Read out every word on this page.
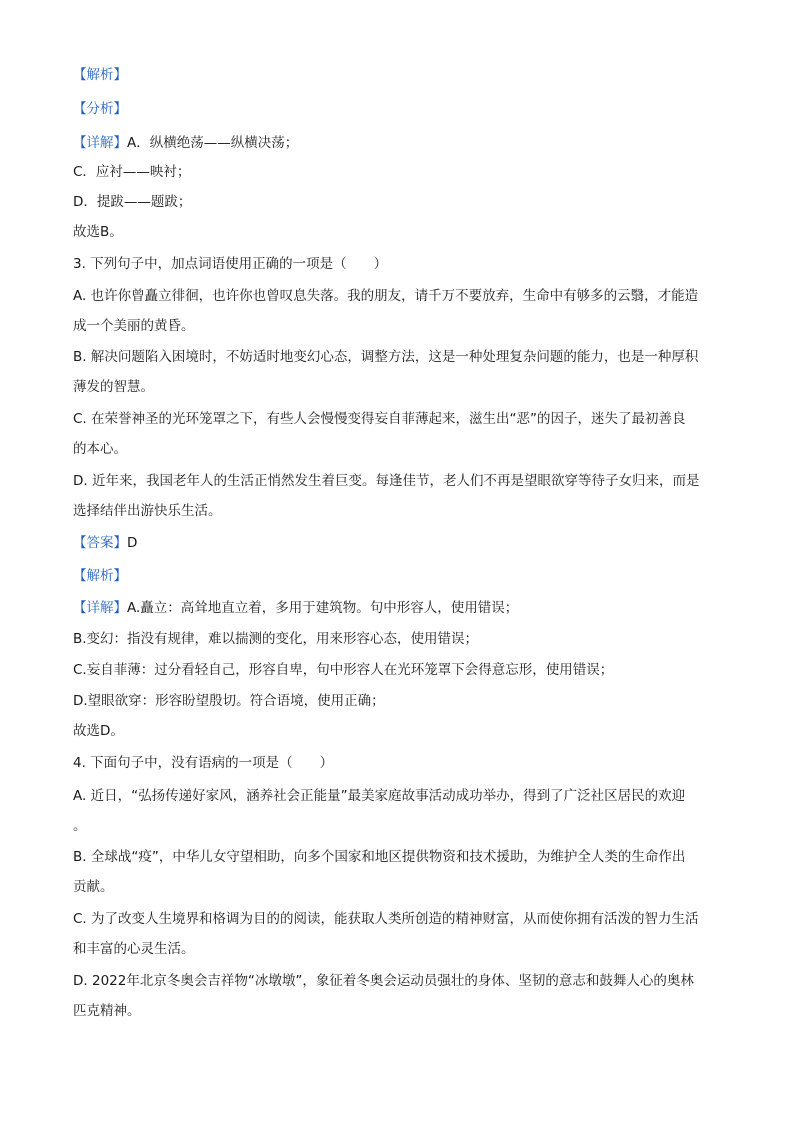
【解析】
【分析】
【详解】A．纵横绝荡——纵横决荡；
C．应衬——映衬；
D．提跋——题跋；
故选B。
3. 下列句子中，加点词语使用正确的一项是（　　）
A. 也许你曾矗立徘徊，也许你也曾叹息失落。我的朋友，请千万不要放弃，生命中有够多的云翳，才能造
成一个美丽的黄昏。
B. 解决问题陷入困境时，不妨适时地变幻心态，调整方法，这是一种处理复杂问题的能力，也是一种厚积
薄发的智慧。
C. 在荣誉神圣的光环笼罩之下，有些人会慢慢变得妄自菲薄起来，滋生出“恶”的因子，迷失了最初善良
的本心。
D. 近年来，我国老年人的生活正悄然发生着巨变。每逢佳节，老人们不再是望眼欲穿等待子女归来，而是
选择结伴出游快乐生活。
【答案】D
【解析】
【详解】A.矗立：高耸地直立着，多用于建筑物。句中形容人，使用错误；
B.变幻：指没有规律，难以揣测的变化，用来形容心态，使用错误；
C.妄自菲薄：过分看轻自己，形容自卑，句中形容人在光环笼罩下会得意忘形，使用错误；
D.望眼欲穿：形容盼望殷切。符合语境，使用正确；
故选D。
4. 下面句子中，没有语病的一项是（　　）
A. 近日，“弘扬传递好家风，涵养社会正能量”最美家庭故事活动成功举办，得到了广泛社区居民的欢迎
。
B. 全球战“疫”，中华儿女守望相助，向多个国家和地区提供物资和技术援助，为维护全人类的生命作出
贡献。
C. 为了改变人生境界和格调为目的的阅读，能获取人类所创造的精神财富，从而使你拥有活泼的智力生活
和丰富的心灵生活。
D. 2022年北京冬奥会吉祥物“冰墩墩”，象征着冬奥会运动员强壮的身体、坚韧的意志和鼓舞人心的奥林
匹克精神。
